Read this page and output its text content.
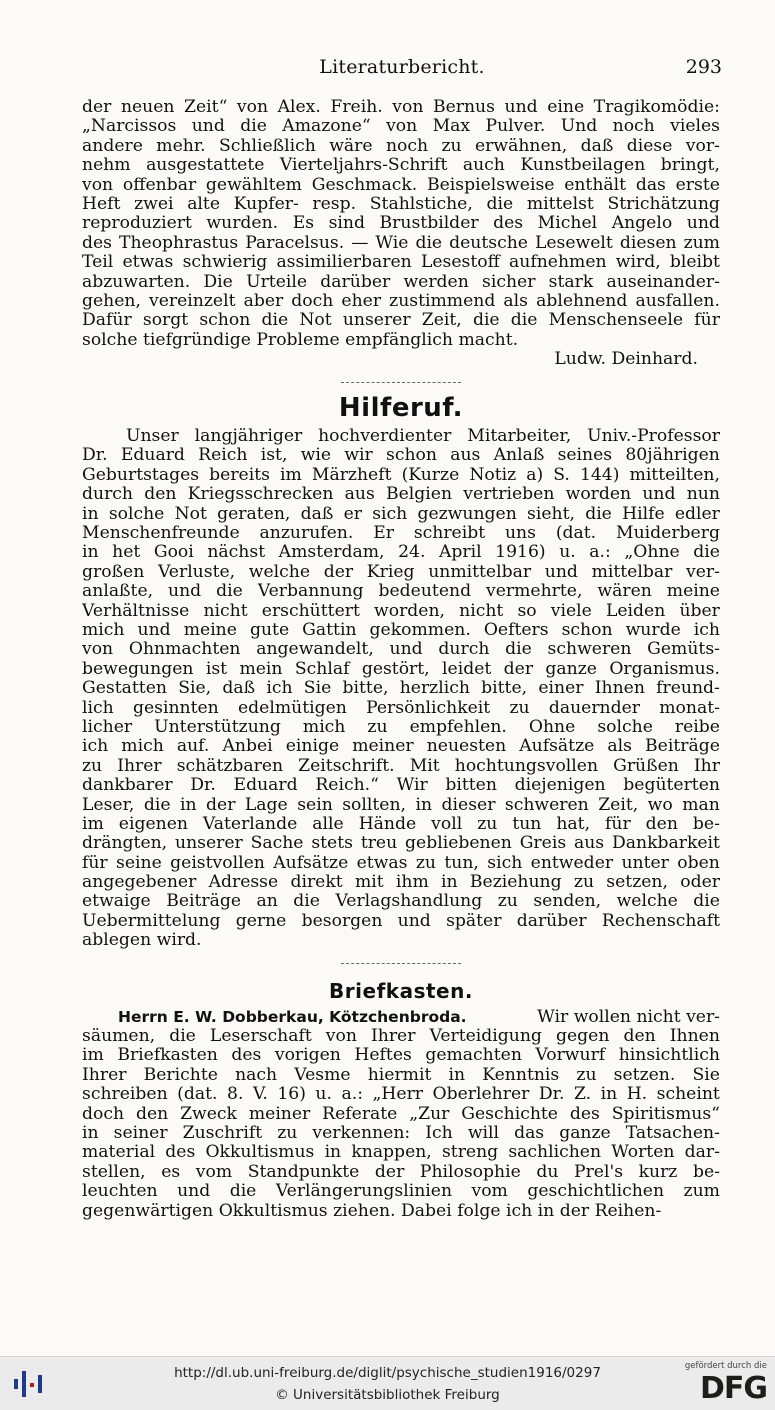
Literaturbericht.	293
der neuen Zeit“ von Alex. Freih. von Bernus und eine Tragikomödie:
„Narcissos und die Amazone“ von Max Pulver. Und noch vieles
andere mehr. Schließlich wäre noch zu erwähnen, daß diese vor-
nehm ausgestattete Vierteljahrs-Schrift auch Kunstbeilagen bringt,
von offenbar gewähltem Geschmack. Beispielsweise enthält das erste
Heft zwei alte Kupfer- resp. Stahlstiche, die mittelst Strichätzung
reproduziert wurden. Es sind Brustbilder des Michel Angelo und
des Theophrastus Paracelsus. — Wie die deutsche Lesewelt diesen zum
Teil etwas schwierig assimilierbaren Lesestoff aufnehmen wird, bleibt
abzuwarten. Die Urteile darüber werden sicher stark auseinander-
gehen, vereinzelt aber doch eher zustimmend als ablehnend ausfallen.
Dafür sorgt schon die Not unserer Zeit, die die Menschenseele für
solche tiefgründige Probleme empfänglich macht.
Ludw. Deinhard.
Hilferuf.
Unser langjähriger hochverdienter Mitarbeiter, Univ.-Professor
Dr. Eduard Reich ist, wie wir schon aus Anlaß seines 80jährigen
Geburtstages bereits im Märzheft (Kurze Notiz a) S. 144) mitteilten,
durch den Kriegsschrecken aus Belgien vertrieben worden und nun
in solche Not geraten, daß er sich gezwungen sieht, die Hilfe edler
Menschenfreunde anzurufen. Er schreibt uns (dat. Muiderberg
in het Gooi nächst Amsterdam, 24. April 1916) u. a.: „Ohne die
großen Verluste, welche der Krieg unmittelbar und mittelbar ver-
anlaßte, und die Verbannung bedeutend vermehrte, wären meine
Verhältnisse nicht erschüttert worden, nicht so viele Leiden über
mich und meine gute Gattin gekommen. Oefters schon wurde ich
von Ohnmachten angewandelt, und durch die schweren Gemüts-
bewegungen ist mein Schlaf gestört, leidet der ganze Organismus.
Gestatten Sie, daß ich Sie bitte, herzlich bitte, einer Ihnen freund-
lich gesinnten edelmütigen Persönlichkeit zu dauernder monat-
licher Unterstützung mich zu empfehlen. Ohne solche reibe
ich mich auf. Anbei einige meiner neuesten Aufsätze als Beiträge
zu Ihrer schätzbaren Zeitschrift. Mit hochtungsvollen Grüßen Ihr
dankbarer Dr. Eduard Reich.“ Wir bitten diejenigen begüterten
Leser, die in der Lage sein sollten, in dieser schweren Zeit, wo man
im eigenen Vaterlande alle Hände voll zu tun hat, für den be-
drängten, unserer Sache stets treu gebliebenen Greis aus Dankbarkeit
für seine geistvollen Aufsätze etwas zu tun, sich entweder unter oben
angegebener Adresse direkt mit ihm in Beziehung zu setzen, oder
etwaige Beiträge an die Verlagshandlung zu senden, welche die
Uebermittelung gerne besorgen und später darüber Rechenschaft
ablegen wird.
Briefkasten.
Herrn E. W. Dobberkau, Kötzchenbroda.	Wir wollen nicht ver-
säumen, die Leserschaft von Ihrer Verteidigung gegen den Ihnen
im Briefkasten des vorigen Heftes gemachten Vorwurf hinsichtlich
Ihrer Berichte nach Vesme hiermit in Kenntnis zu setzen. Sie
schreiben (dat. 8. V. 16) u. a.: „Herr Oberlehrer Dr. Z. in H. scheint
doch den Zweck meiner Referate „Zur Geschichte des Spiritismus“
in seiner Zuschrift zu verkennen: Ich will das ganze Tatsachen-
material des Okkultismus in knappen, streng sachlichen Worten dar-
stellen, es vom Standpunkte der Philosophie du Prel's kurz be-
leuchten und die Verlängerungslinien vom geschichtlichen zum
gegenwärtigen Okkultismus ziehen. Dabei folge ich in der Reihen-
http://dl.ub.uni-freiburg.de/diglit/psychische_studien1916/0297
© Universitätsbibliothek Freiburg
gefördert durch die
DFG
